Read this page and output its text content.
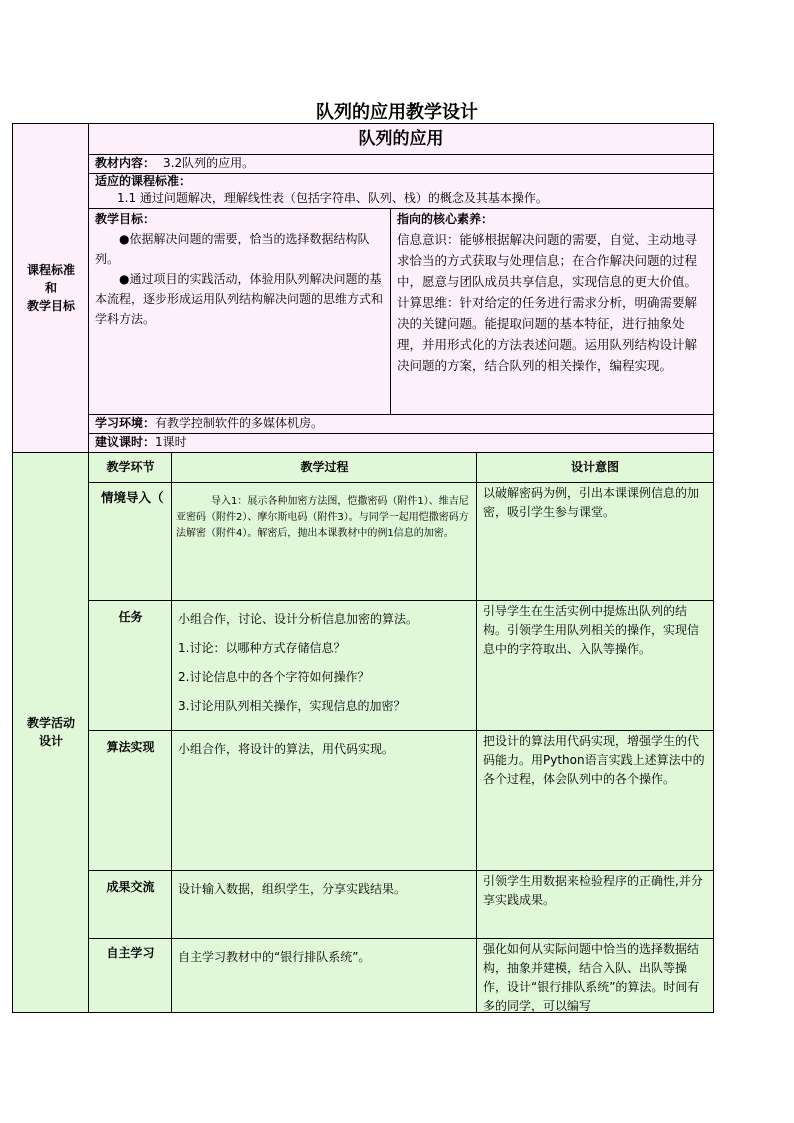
队列的应用教学设计
课程标准
和
教学目标
队列的应用
教材内容： 3.2队列的应用。
适应的课程标准：
1.1 通过问题解决，理解线性表（包括字符串、队列、栈）的概念及其基本操作。
教学目标：

●依据解决问题的需要，恰当的选择数据结构队列。

●通过项目的实践活动，体验用队列解决问题的基本流程，逐步形成运用队列结构解决问题的思维方式和学科方法。

指向的核心素养：

信息意识：能够根据解决问题的需要，自觉、主动地寻求恰当的方式获取与处理信息；在合作解决问题的过程中，愿意与团队成员共享信息，实现信息的更大价值。

计算思维：针对给定的任务进行需求分析，明确需要解决的关键问题。能提取问题的基本特征，进行抽象处理，并用形式化的方法表述问题。运用队列结构设计解决问题的方案，结合队列的相关操作，编程实现。

学习环境：有教学控制软件的多媒体机房。
建议课时：1课时
教学活动
设计
教学环节	教学过程	设计意图
情境导入（	导入1：展示各种加密方法图，恺撒密码（附件1）、维吉尼亚密码（附件2）、摩尔斯电码（附件3）。与同学一起用恺撒密码方法解密（附件4）。解密后，抛出本课教材中的例1信息的加密。

以破解密码为例，引出本课课例信息的加密，吸引学生参与课堂。
任务	小组合作，讨论、设计分析信息加密的算法。

1.讨论：以哪种方式存储信息？

2.讨论信息中的各个字符如何操作？

3.讨论用队列相关操作，实现信息的加密？

引导学生在生活实例中提炼出队列的结构。引领学生用队列相关的操作，实现信息中的字符取出、入队等操作。
算法实现	小组合作，将设计的算法，用代码实现。

把设计的算法用代码实现，增强学生的代码能力。用Python语言实践上述算法中的各个过程，体会队列中的各个操作。
成果交流	设计输入数据，组织学生，分享实践结果。

引领学生用数据来检验程序的正确性,并分享实践成果。
自主学习	自主学习教材中的“银行排队系统”。

强化如何从实际问题中恰当的选择数据结构，抽象并建模，结合入队、出队等操作，设计“银行排队系统”的算法。时间有多的同学，可以编写
